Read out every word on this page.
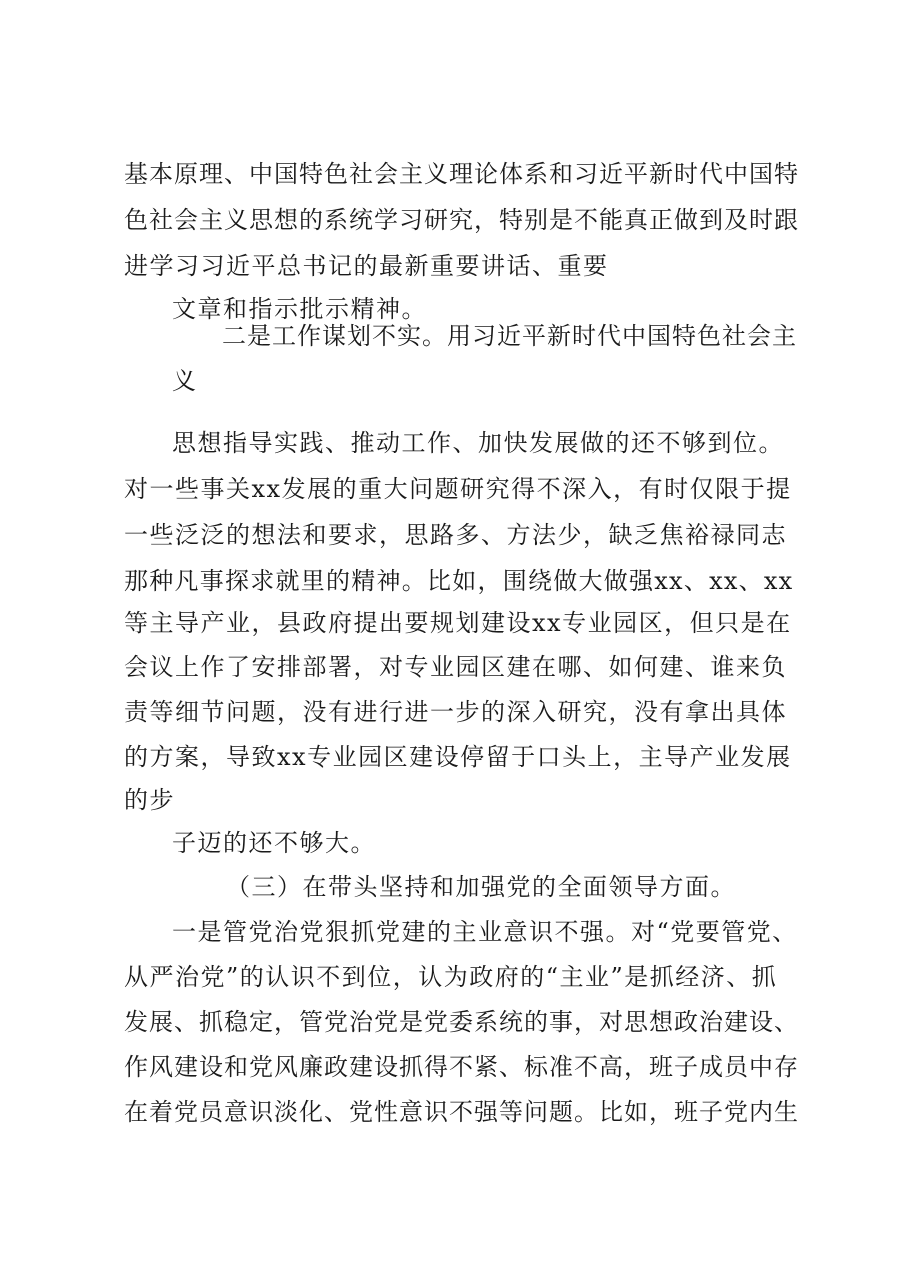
基本原理、中国特色社会主义理论体系和习近平新时代中国特
色社会主义思想的系统学习研究，特别是不能真正做到及时跟
进学习习近平总书记的最新重要讲话、重要
文章和指示批示精神。
二是工作谋划不实。用习近平新时代中国特色社会主
义
思想指导实践、推动工作、加快发展做的还不够到位。
对一些事关xx发展的重大问题研究得不深入，有时仅限于提
一些泛泛的想法和要求，思路多、方法少，缺乏焦裕禄同志
那种凡事探求就里的精神。比如，围绕做大做强xx、xx、xx
等主导产业，县政府提出要规划建设xx专业园区，但只是在
会议上作了安排部署，对专业园区建在哪、如何建、谁来负
责等细节问题，没有进行进一步的深入研究，没有拿出具体
的方案，导致xx专业园区建设停留于口头上，主导产业发展
的步
子迈的还不够大。
（三）在带头坚持和加强党的全面领导方面。
一是管党治党狠抓党建的主业意识不强。对“党要管党、
从严治党”的认识不到位，认为政府的“主业”是抓经济、抓
发展、抓稳定，管党治党是党委系统的事，对思想政治建设、
作风建设和党风廉政建设抓得不紧、标准不高，班子成员中存
在着党员意识淡化、党性意识不强等问题。比如，班子党内生
